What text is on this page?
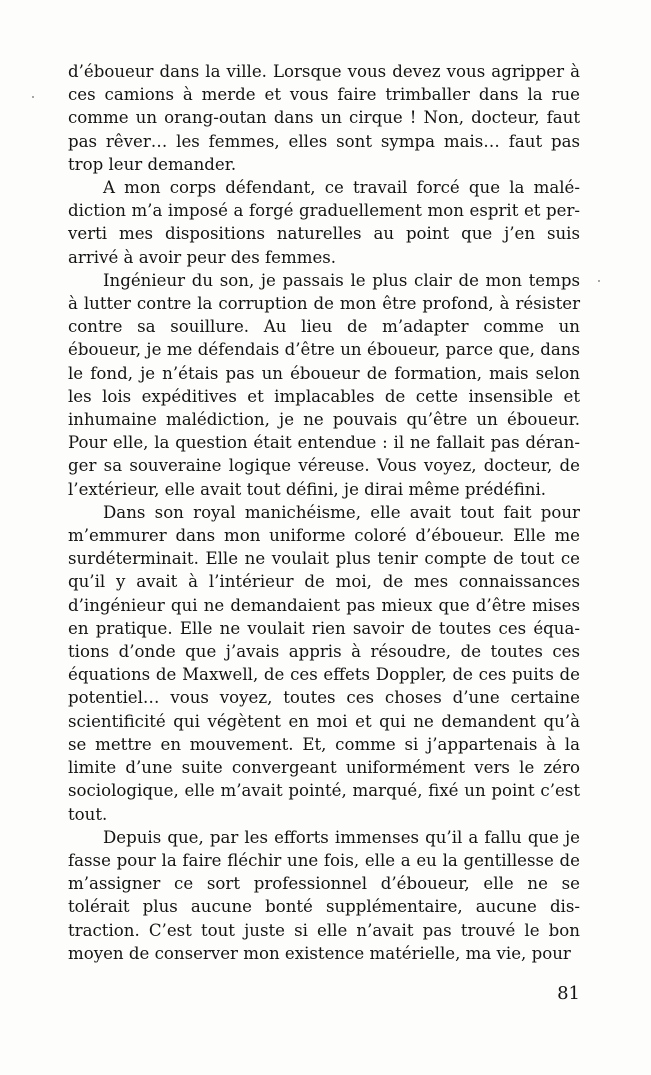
d’éboueur dans la ville. Lorsque vous devez vous agripper à ces camions à merde et vous faire trimballer dans la rue comme un orang-outan dans un cirque ! Non, docteur, faut pas rêver… les femmes, elles sont sympa mais… faut pas trop leur demander.

A mon corps défendant, ce travail forcé que la malédiction m’a imposé a forgé graduellement mon esprit et perverti mes dispositions naturelles au point que j’en suis arrivé à avoir peur des femmes.

Ingénieur du son, je passais le plus clair de mon temps à lutter contre la corruption de mon être profond, à résister contre sa souillure. Au lieu de m’adapter comme un éboueur, je me défendais d’être un éboueur, parce que, dans le fond, je n’étais pas un éboueur de formation, mais selon les lois expéditives et implacables de cette insensible et inhumaine malédiction, je ne pouvais qu’être un éboueur. Pour elle, la question était entendue : il ne fallait pas déranger sa souveraine logique véreuse. Vous voyez, docteur, de l’extérieur, elle avait tout défini, je dirai même prédéfini.

Dans son royal manichéisme, elle avait tout fait pour m’emmurer dans mon uniforme coloré d’éboueur. Elle me surdéterminait. Elle ne voulait plus tenir compte de tout ce qu’il y avait à l’intérieur de moi, de mes connaissances d’ingénieur qui ne demandaient pas mieux que d’être mises en pratique. Elle ne voulait rien savoir de toutes ces équations d’onde que j’avais appris à résoudre, de toutes ces équations de Maxwell, de ces effets Doppler, de ces puits de potentiel… vous voyez, toutes ces choses d’une certaine scientificité qui végètent en moi et qui ne demandent qu’à se mettre en mouvement. Et, comme si j’appartenais à la limite d’une suite convergeant uniformément vers le zéro sociologique, elle m’avait pointé, marqué, fixé un point c’est tout.

Depuis que, par les efforts immenses qu’il a fallu que je fasse pour la faire fléchir une fois, elle a eu la gentillesse de m’assigner ce sort professionnel d’éboueur, elle ne se tolérait plus aucune bonté supplémentaire, aucune distraction. C’est tout juste si elle n’avait pas trouvé le bon moyen de conserver mon existence matérielle, ma vie, pour

81
